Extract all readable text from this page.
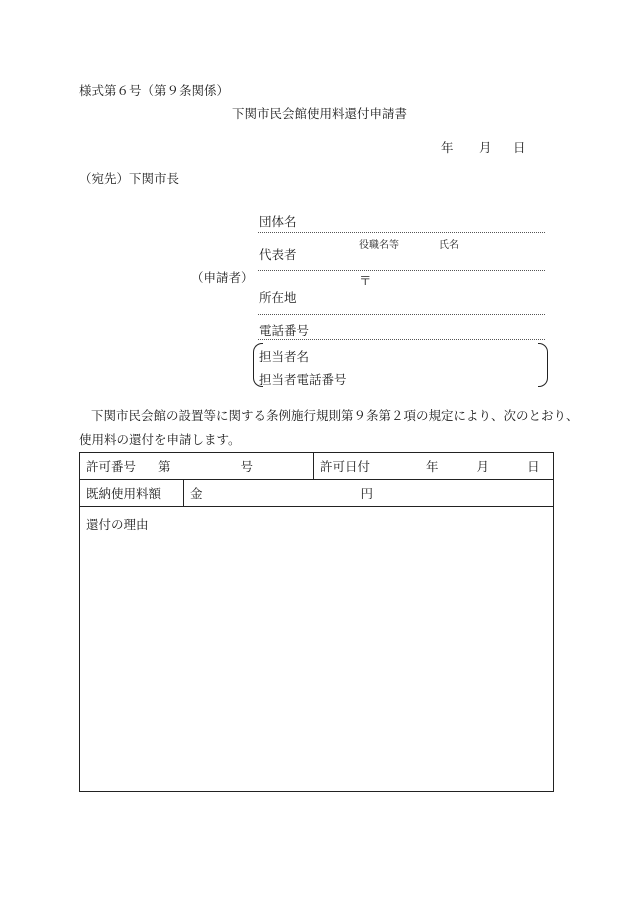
様式第６号（第９条関係）
下関市民会館使用料還付申請書
年 月 日
（宛先）下関市長
（申請者）
団体名
役職名等	氏名
代表者
〒
所在地
電話番号
担当者名
担当者電話番号
下関市民会館の設置等に関する条例施行規則第９条第２項の規定により、次のとおり、
使用料の還付を申請します。
許可番号 第 号		許可日付 年 月 日

既納使用料額	金 円	

還付の理由		
